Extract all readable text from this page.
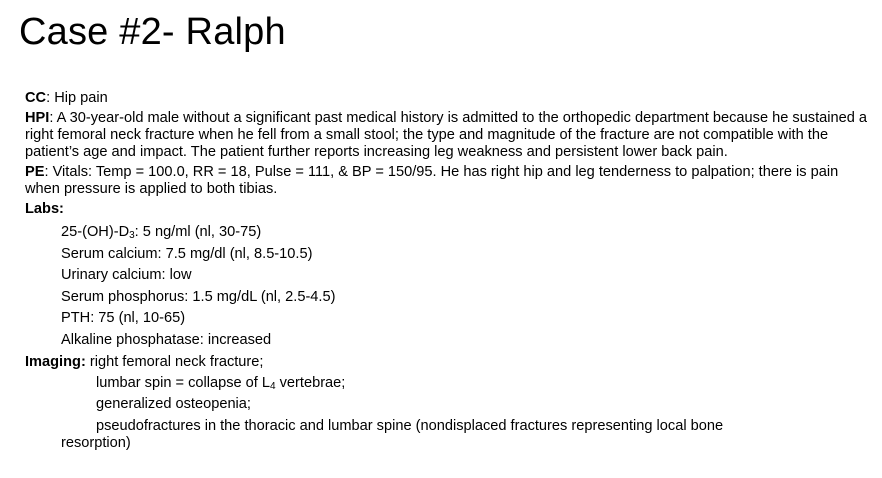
Case #2- Ralph
CC: Hip pain
HPI: A 30-year-old male without a significant past medical history is admitted to the orthopedic department because he sustained a right femoral neck fracture when he fell from a small stool; the type and magnitude of the fracture are not compatible with the patient’s age and impact. The patient further reports increasing leg weakness and persistent lower back pain.
PE: Vitals: Temp = 100.0, RR = 18, Pulse = 111, & BP = 150/95. He has right hip and leg tenderness to palpation; there is pain when pressure is applied to both tibias.
Labs:
$25-(OH)-D_3$: 5 ng/ml (nl, 30-75)
Serum calcium: 7.5 mg/dl (nl, 8.5-10.5)
Urinary calcium: low
Serum phosphorus: 1.5 mg/dL (nl, 2.5-4.5)
PTH: 75 (nl, 10-65)
Alkaline phosphatase: increased
Imaging: right femoral neck fracture;
lumbar spin = collapse of $L_4$ vertebrae;
generalized osteopenia;
pseudofractures in the thoracic and lumbar spine (nondisplaced fractures representing local bone
resorption)
